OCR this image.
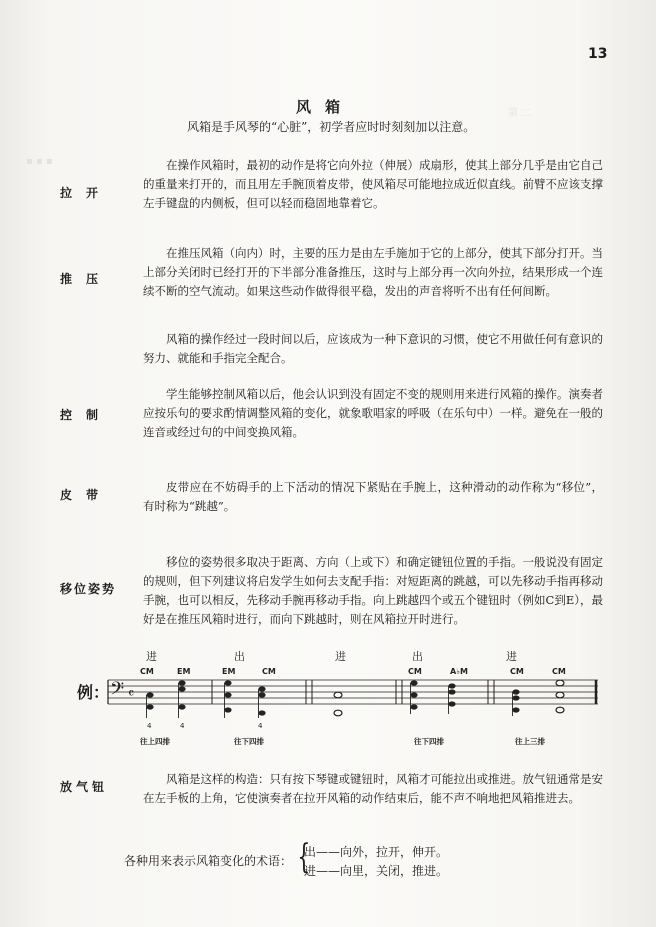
第 二
▪ ▪ ▪
13
风箱
风箱是手风琴的“心脏”，初学者应时时刻刻加以注意。
拉开
在操作风箱时，最初的动作是将它向外拉（伸展）成扇形，使其上部分几乎是由它自己的重量来打开的，而且用左手腕顶着皮带，使风箱尽可能地拉成近似直线。前臂不应该支撑左手键盘的内侧板，但可以轻而稳固地靠着它。
推压
在推压风箱（向内）时，主要的压力是由左手施加于它的上部分，使其下部分打开。当上部分关闭时已经打开的下半部分准备推压，这时与上部分再一次向外拉，结果形成一个连续不断的空气流动。如果这些动作做得很平稳，发出的声音将听不出有任何间断。
风箱的操作经过一段时间以后，应该成为一种下意识的习惯，使它不用做任何有意识的努力、就能和手指完全配合。
控制
学生能够控制风箱以后，他会认识到没有固定不变的规则用来进行风箱的操作。演奏者应按乐句的要求酌情调整风箱的变化，就象歌唱家的呼吸（在乐句中）一样。避免在一般的连音或经过句的中间变换风箱。
皮带
皮带应在不妨碍手的上下活动的情况下紧贴在手腕上，这种滑动的动作称为“移位”，有时称为“跳越”。
移位姿势
移位的姿势很多取决于距离、方向（上或下）和确定键钮位置的手指。一般说没有固定的规则，但下列建议将启发学生如何去支配手指：对短距离的跳越，可以先移动手指再移动手腕，也可以相反，先移动手腕再移动手指。向上跳越四个或五个键钮时（例如C到E），最好是在推压风箱时进行，而向下跳越时，则在风箱拉开时进行。
例： 𝄢 𝄴
进	出	进	出	进
CM	EM	EM	CM	CM	A♭M	CM	CM
4	4	4
往上四排	往下四排	往下四排	往上三排
放气钮
风箱是这样的构造：只有按下琴键或键钮时，风箱才可能拉出或推进。放气钮通常是安在左手板的上角，它使演奏者在拉开风箱的动作结束后，能不声不响地把风箱推进去。
各种用来表示风箱变化的术语： {
出——向外，拉开，伸开。
进——向里，关闭，推进。
